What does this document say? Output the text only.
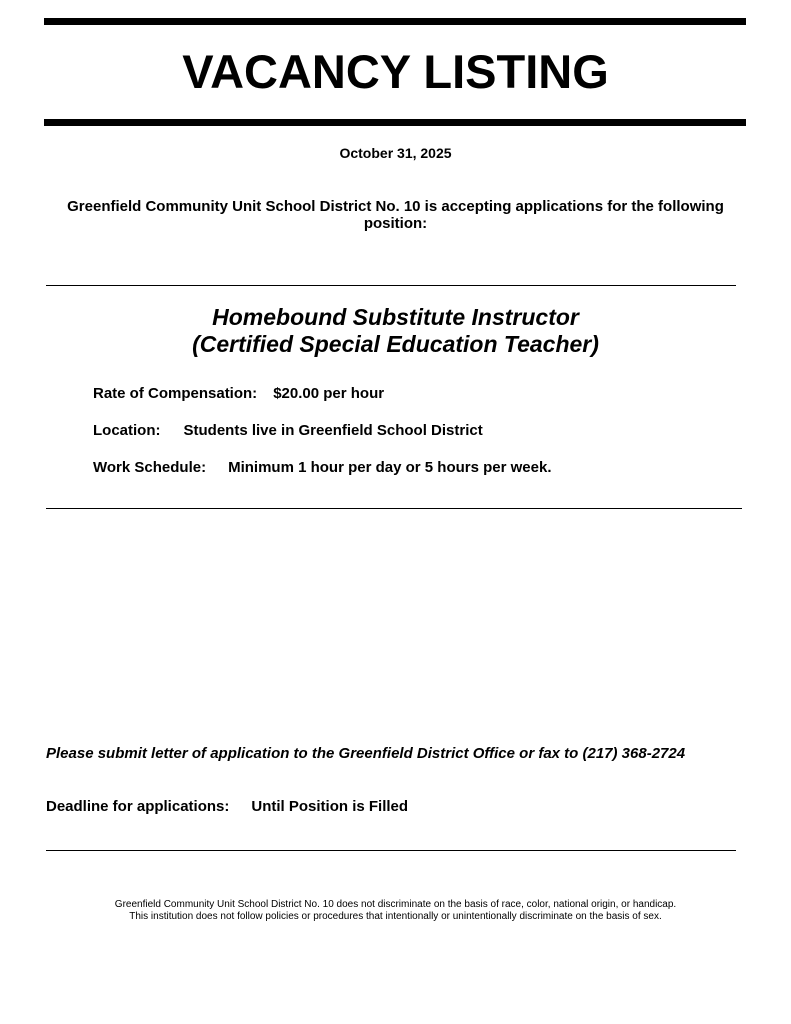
VACANCY LISTING
October 31, 2025
Greenfield Community Unit School District No. 10 is accepting applications for the following
position:
Homebound Substitute Instructor
(Certified Special Education Teacher)
Rate of Compensation: $20.00 per hour
Location: Students live in Greenfield School District
Work Schedule: Minimum 1 hour per day or 5 hours per week.
Please submit letter of application to the Greenfield District Office or fax to (217) 368-2724
Deadline for applications: Until Position is Filled
Greenfield Community Unit School District No. 10 does not discriminate on the basis of race, color, national origin, or handicap.
This institution does not follow policies or procedures that intentionally or unintentionally discriminate on the basis of sex.
